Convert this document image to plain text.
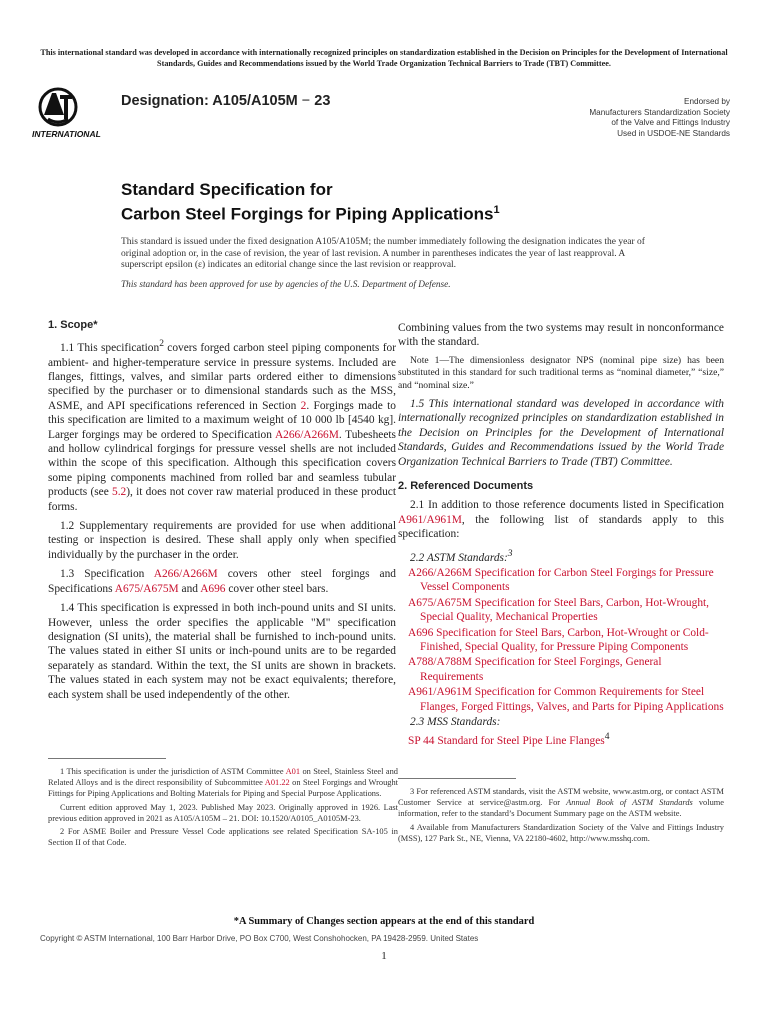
This international standard was developed in accordance with internationally recognized principles on standardization established in the Decision on Principles for the Development of International Standards, Guides and Recommendations issued by the World Trade Organization Technical Barriers to Trade (TBT) Committee.
INTERNATIONAL
Designation: A105/A105M − 23	Endorsed by
Manufacturers Standardization Society
of the Valve and Fittings Industry
Used in USDOE-NE Standards
Standard Specification for
Carbon Steel Forgings for Piping Applications$^1$

This standard is issued under the fixed designation A105/A105M; the number immediately following the designation indicates the year of original adoption or, in the case of revision, the year of last revision. A number in parentheses indicates the year of last reapproval. A superscript epsilon (ε) indicates an editorial change since the last revision or reapproval.

This standard has been approved for use by agencies of the U.S. Department of Defense.
1. Scope*

1.1 This specification$^2$ covers forged carbon steel piping components for ambient- and higher-temperature service in pressure systems. Included are flanges, fittings, valves, and similar parts ordered either to dimensions specified by the purchaser or to dimensional standards such as the MSS, ASME, and API specifications referenced in Section 2. Forgings made to this specification are limited to a maximum weight of 10 000 lb [4540 kg]. Larger forgings may be ordered to Specification A266/A266M. Tubesheets and hollow cylindrical forgings for pressure vessel shells are not included within the scope of this specification. Although this specification covers some piping components machined from rolled bar and seamless tubular products (see 5.2), it does not cover raw material produced in these product forms.

1.2 Supplementary requirements are provided for use when additional testing or inspection is desired. These shall apply only when specified individually by the purchaser in the order.

1.3 Specification A266/A266M covers other steel forgings and Specifications A675/A675M and A696 cover other steel bars.

1.4 This specification is expressed in both inch-pound units and SI units. However, unless the order specifies the applicable "M" specification designation (SI units), the material shall be furnished to inch-pound units. The values stated in either SI units or inch-pound units are to be regarded separately as standard. Within the text, the SI units are shown in brackets. The values stated in each system may not be exact equivalents; therefore, each system shall be used independently of the other.

1 This specification is under the jurisdiction of ASTM Committee A01 on Steel, Stainless Steel and Related Alloys and is the direct responsibility of Subcommittee A01.22 on Steel Forgings and Wrought Fittings for Piping Applications and Bolting Materials for Piping and Special Purpose Applications.

Current edition approved May 1, 2023. Published May 2023. Originally approved in 1926. Last previous edition approved in 2021 as A105/A105M – 21. DOI: 10.1520/A0105_A0105M-23.

2 For ASME Boiler and Pressure Vessel Code applications see related Specification SA-105 in Section II of that Code.

Combining values from the two systems may result in nonconformance with the standard.

Note 1—The dimensionless designator NPS (nominal pipe size) has been substituted in this standard for such traditional terms as “nominal diameter,” “size,” and “nominal size.”

1.5 This international standard was developed in accordance with internationally recognized principles on standardization established in the Decision on Principles for the Development of International Standards, Guides and Recommendations issued by the World Trade Organization Technical Barriers to Trade (TBT) Committee.

2. Referenced Documents

2.1 In addition to those reference documents listed in Specification A961/A961M, the following list of standards apply to this specification:

2.2 ASTM Standards:$^3$

A266/A266M Specification for Carbon Steel Forgings for Pressure Vessel Components
A675/A675M Specification for Steel Bars, Carbon, Hot-Wrought, Special Quality, Mechanical Properties
A696 Specification for Steel Bars, Carbon, Hot-Wrought or Cold-Finished, Special Quality, for Pressure Piping Components
A788/A788M Specification for Steel Forgings, General Requirements
A961/A961M Specification for Common Requirements for Steel Flanges, Forged Fittings, Valves, and Parts for Piping Applications

2.3 MSS Standards:

SP 44 Standard for Steel Pipe Line Flanges$^4$

3 For referenced ASTM standards, visit the ASTM website, www.astm.org, or contact ASTM Customer Service at service@astm.org. For Annual Book of ASTM Standards volume information, refer to the standard’s Document Summary page on the ASTM website.

4 Available from Manufacturers Standardization Society of the Valve and Fittings Industry (MSS), 127 Park St., NE, Vienna, VA 22180-4602, http://www.msshq.com.

*A Summary of Changes section appears at the end of this standard
Copyright © ASTM International, 100 Barr Harbor Drive, PO Box C700, West Conshohocken, PA 19428-2959. United States
1
